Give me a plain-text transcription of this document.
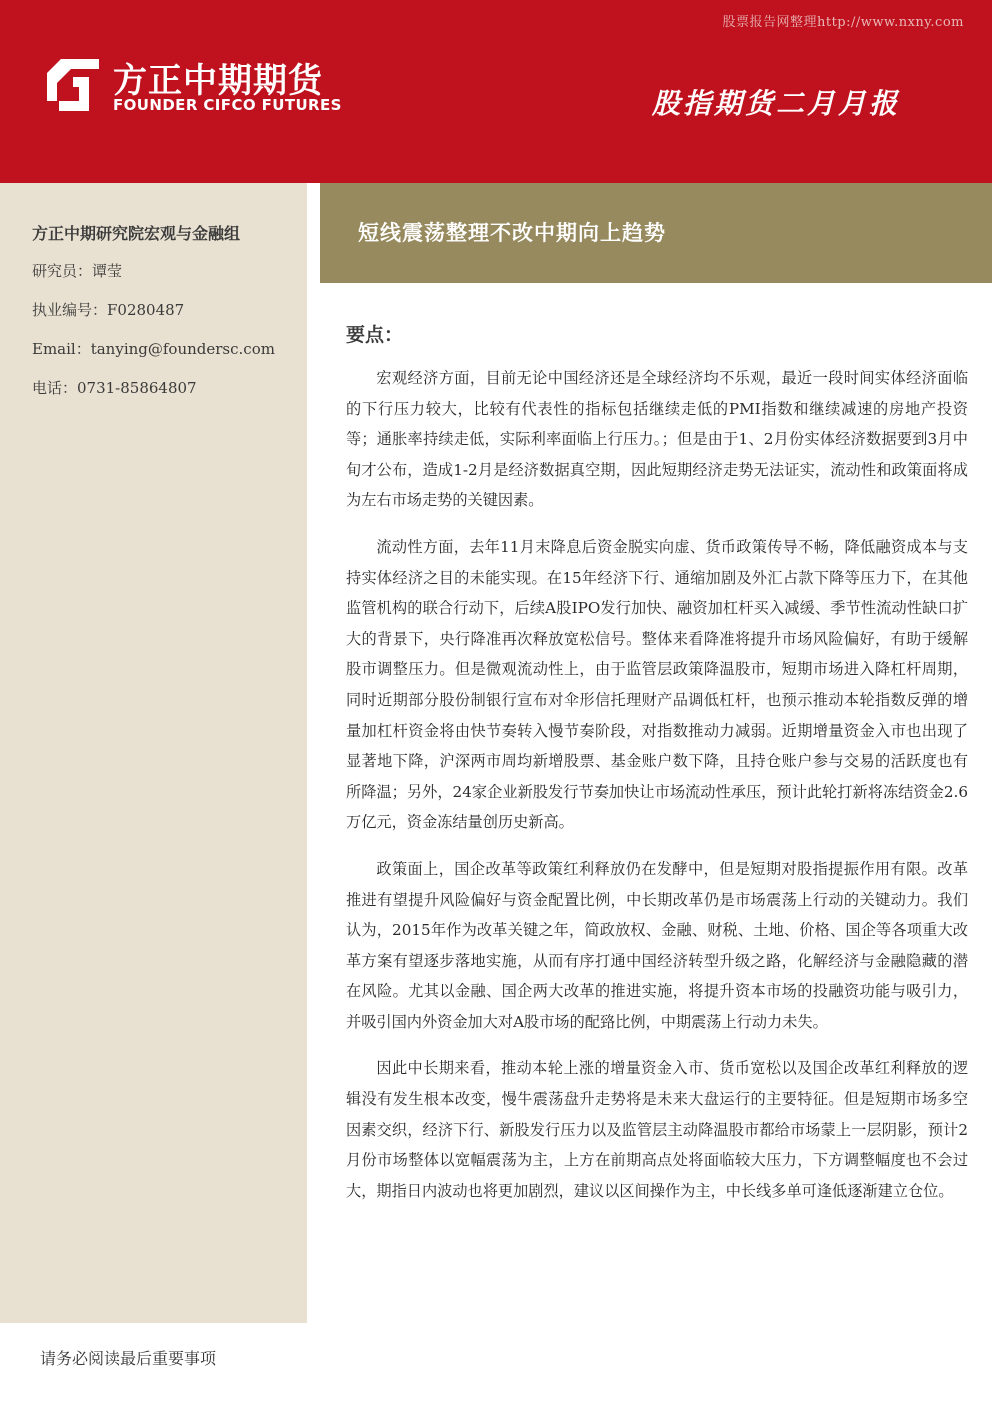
股票报告网整理http://www.nxny.com
方正中期期货
FOUNDER CIFCO FUTURES	股指期货二月月报
方正中期研究院宏观与金融组
研究员：谭莹
执业编号：F0280487
Email：tanying@foundersc.com
电话：0731-85864807
短线震荡整理不改中期向上趋势
要点：

宏观经济方面，目前无论中国经济还是全球经济均不乐观，最近一段时间实体经济面临的下行压力较大，比较有代表性的指标包括继续走低的PMI指数和继续减速的房地产投资等；通胀率持续走低，实际利率面临上行压力。；但是由于1、2月份实体经济数据要到3月中旬才公布，造成1-2月是经济数据真空期，因此短期经济走势无法证实，流动性和政策面将成为左右市场走势的关键因素。

流动性方面，去年11月末降息后资金脱实向虚、货币政策传导不畅，降低融资成本与支持实体经济之目的未能实现。在15年经济下行、通缩加剧及外汇占款下降等压力下，在其他监管机构的联合行动下，后续A股IPO发行加快、融资加杠杆买入减缓、季节性流动性缺口扩大的背景下，央行降准再次释放宽松信号。整体来看降准将提升市场风险偏好，有助于缓解股市调整压力。但是微观流动性上，由于监管层政策降温股市，短期市场进入降杠杆周期，同时近期部分股份制银行宣布对伞形信托理财产品调低杠杆，也预示推动本轮指数反弹的增量加杠杆资金将由快节奏转入慢节奏阶段，对指数推动力减弱。近期增量资金入市也出现了显著地下降，沪深两市周均新增股票、基金账户数下降，且持仓账户参与交易的活跃度也有所降温；另外，24家企业新股发行节奏加快让市场流动性承压，预计此轮打新将冻结资金2.6万亿元，资金冻结量创历史新高。

政策面上，国企改革等政策红利释放仍在发酵中，但是短期对股指提振作用有限。改革推进有望提升风险偏好与资金配置比例，中长期改革仍是市场震荡上行动的关键动力。我们认为，2015年作为改革关键之年，简政放权、金融、财税、土地、价格、国企等各项重大改革方案有望逐步落地实施，从而有序打通中国经济转型升级之路，化解经济与金融隐藏的潜在风险。尤其以金融、国企两大改革的推进实施，将提升资本市场的投融资功能与吸引力，并吸引国内外资金加大对A股市场的配臵比例，中期震荡上行动力未失。

因此中长期来看，推动本轮上涨的增量资金入市、货币宽松以及国企改革红利释放的逻辑没有发生根本改变，慢牛震荡盘升走势将是未来大盘运行的主要特征。但是短期市场多空因素交织，经济下行、新股发行压力以及监管层主动降温股市都给市场蒙上一层阴影，预计2月份市场整体以宽幅震荡为主，上方在前期高点处将面临较大压力，下方调整幅度也不会过大，期指日内波动也将更加剧烈，建议以区间操作为主，中长线多单可逢低逐渐建立仓位。

请务必阅读最后重要事项
